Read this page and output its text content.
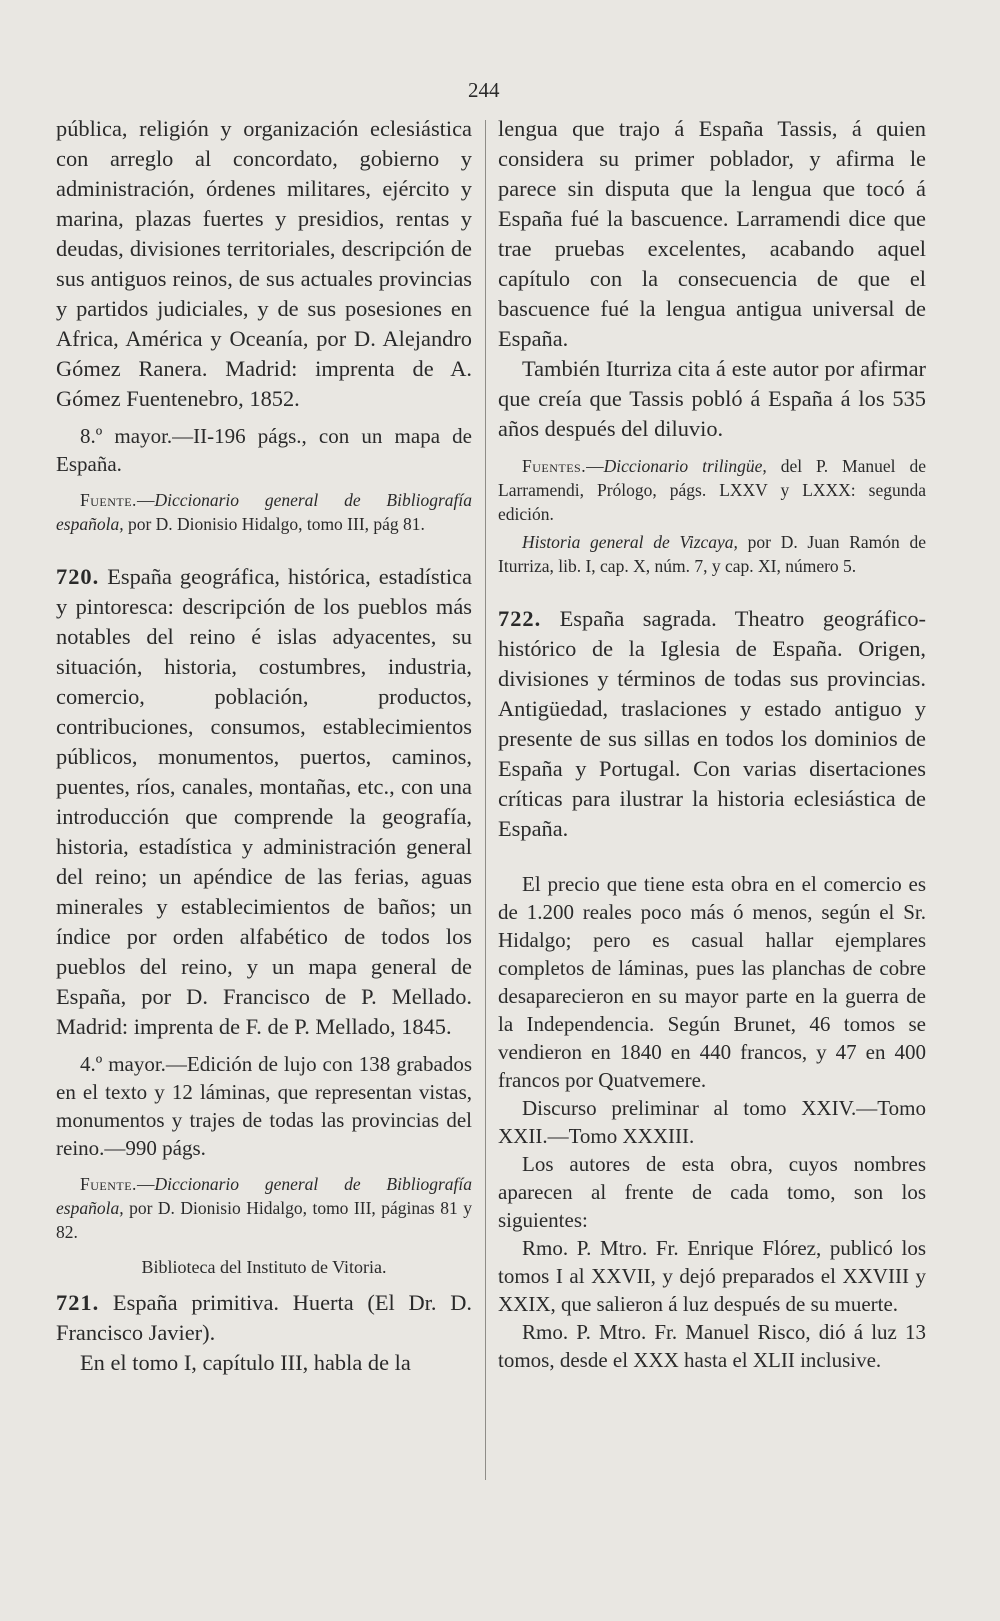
244

pública, religión y organización eclesiástica con arreglo al concordato, gobierno y administración, órdenes militares, ejército y marina, plazas fuertes y presidios, rentas y deudas, divisiones territoriales, descripción de sus antiguos reinos, de sus actuales provincias y partidos judiciales, y de sus posesiones en Africa, América y Oceanía, por D. Alejandro Gómez Ranera. Madrid: imprenta de A. Gómez Fuentenebro, 1852.

8.º mayor.—II-196 págs., con un mapa de España.

Fuente.—Diccionario general de Bibliografía española, por D. Dionisio Hidalgo, tomo III, pág 81.

720. España geográfica, histórica, estadística y pintoresca: descripción de los pueblos más notables del reino é islas adyacentes, su situación, historia, costumbres, industria, comercio, población, productos, contribuciones, consumos, establecimientos públicos, monumentos, puertos, caminos, puentes, ríos, canales, montañas, etc., con una introducción que comprende la geografía, historia, estadística y administración general del reino; un apéndice de las ferias, aguas minerales y establecimientos de baños; un índice por orden alfabético de todos los pueblos del reino, y un mapa general de España, por D. Francisco de P. Mellado. Madrid: imprenta de F. de P. Mellado, 1845.

4.º mayor.—Edición de lujo con 138 grabados en el texto y 12 láminas, que representan vistas, monumentos y trajes de todas las provincias del reino.—990 págs.

Fuente.—Diccionario general de Bibliografía española, por D. Dionisio Hidalgo, tomo III, páginas 81 y 82.

Biblioteca del Instituto de Vitoria.

721. España primitiva. Huerta (El Dr. D. Francisco Javier).

En el tomo I, capítulo III, habla de la

lengua que trajo á España Tassis, á quien considera su primer poblador, y afirma le parece sin disputa que la lengua que tocó á España fué la bascuence. Larramendi dice que trae pruebas excelentes, acabando aquel capítulo con la consecuencia de que el bascuence fué la lengua antigua universal de España.

También Iturriza cita á este autor por afirmar que creía que Tassis pobló á España á los 535 años después del diluvio.

Fuentes.—Diccionario trilingüe, del P. Manuel de Larramendi, Prólogo, págs. LXXV y LXXX: segunda edición.

Historia general de Vizcaya, por D. Juan Ramón de Iturriza, lib. I, cap. X, núm. 7, y cap. XI, número 5.

722. España sagrada. Theatro geográfico-histórico de la Iglesia de España. Origen, divisiones y términos de todas sus provincias. Antigüedad, traslaciones y estado antiguo y presente de sus sillas en todos los dominios de España y Portugal. Con varias disertaciones críticas para ilustrar la historia eclesiástica de España.

El precio que tiene esta obra en el comercio es de 1.200 reales poco más ó menos, según el Sr. Hidalgo; pero es casual hallar ejemplares completos de láminas, pues las planchas de cobre desaparecieron en su mayor parte en la guerra de la Independencia. Según Brunet, 46 tomos se vendieron en 1840 en 440 francos, y 47 en 400 francos por Quatvemere.

Discurso preliminar al tomo XXIV.—Tomo XXII.—Tomo XXXIII.

Los autores de esta obra, cuyos nombres aparecen al frente de cada tomo, son los siguientes:

Rmo. P. Mtro. Fr. Enrique Flórez, publicó los tomos I al XXVII, y dejó preparados el XXVIII y XXIX, que salieron á luz después de su muerte.

Rmo. P. Mtro. Fr. Manuel Risco, dió á luz 13 tomos, desde el XXX hasta el XLII inclusive.
